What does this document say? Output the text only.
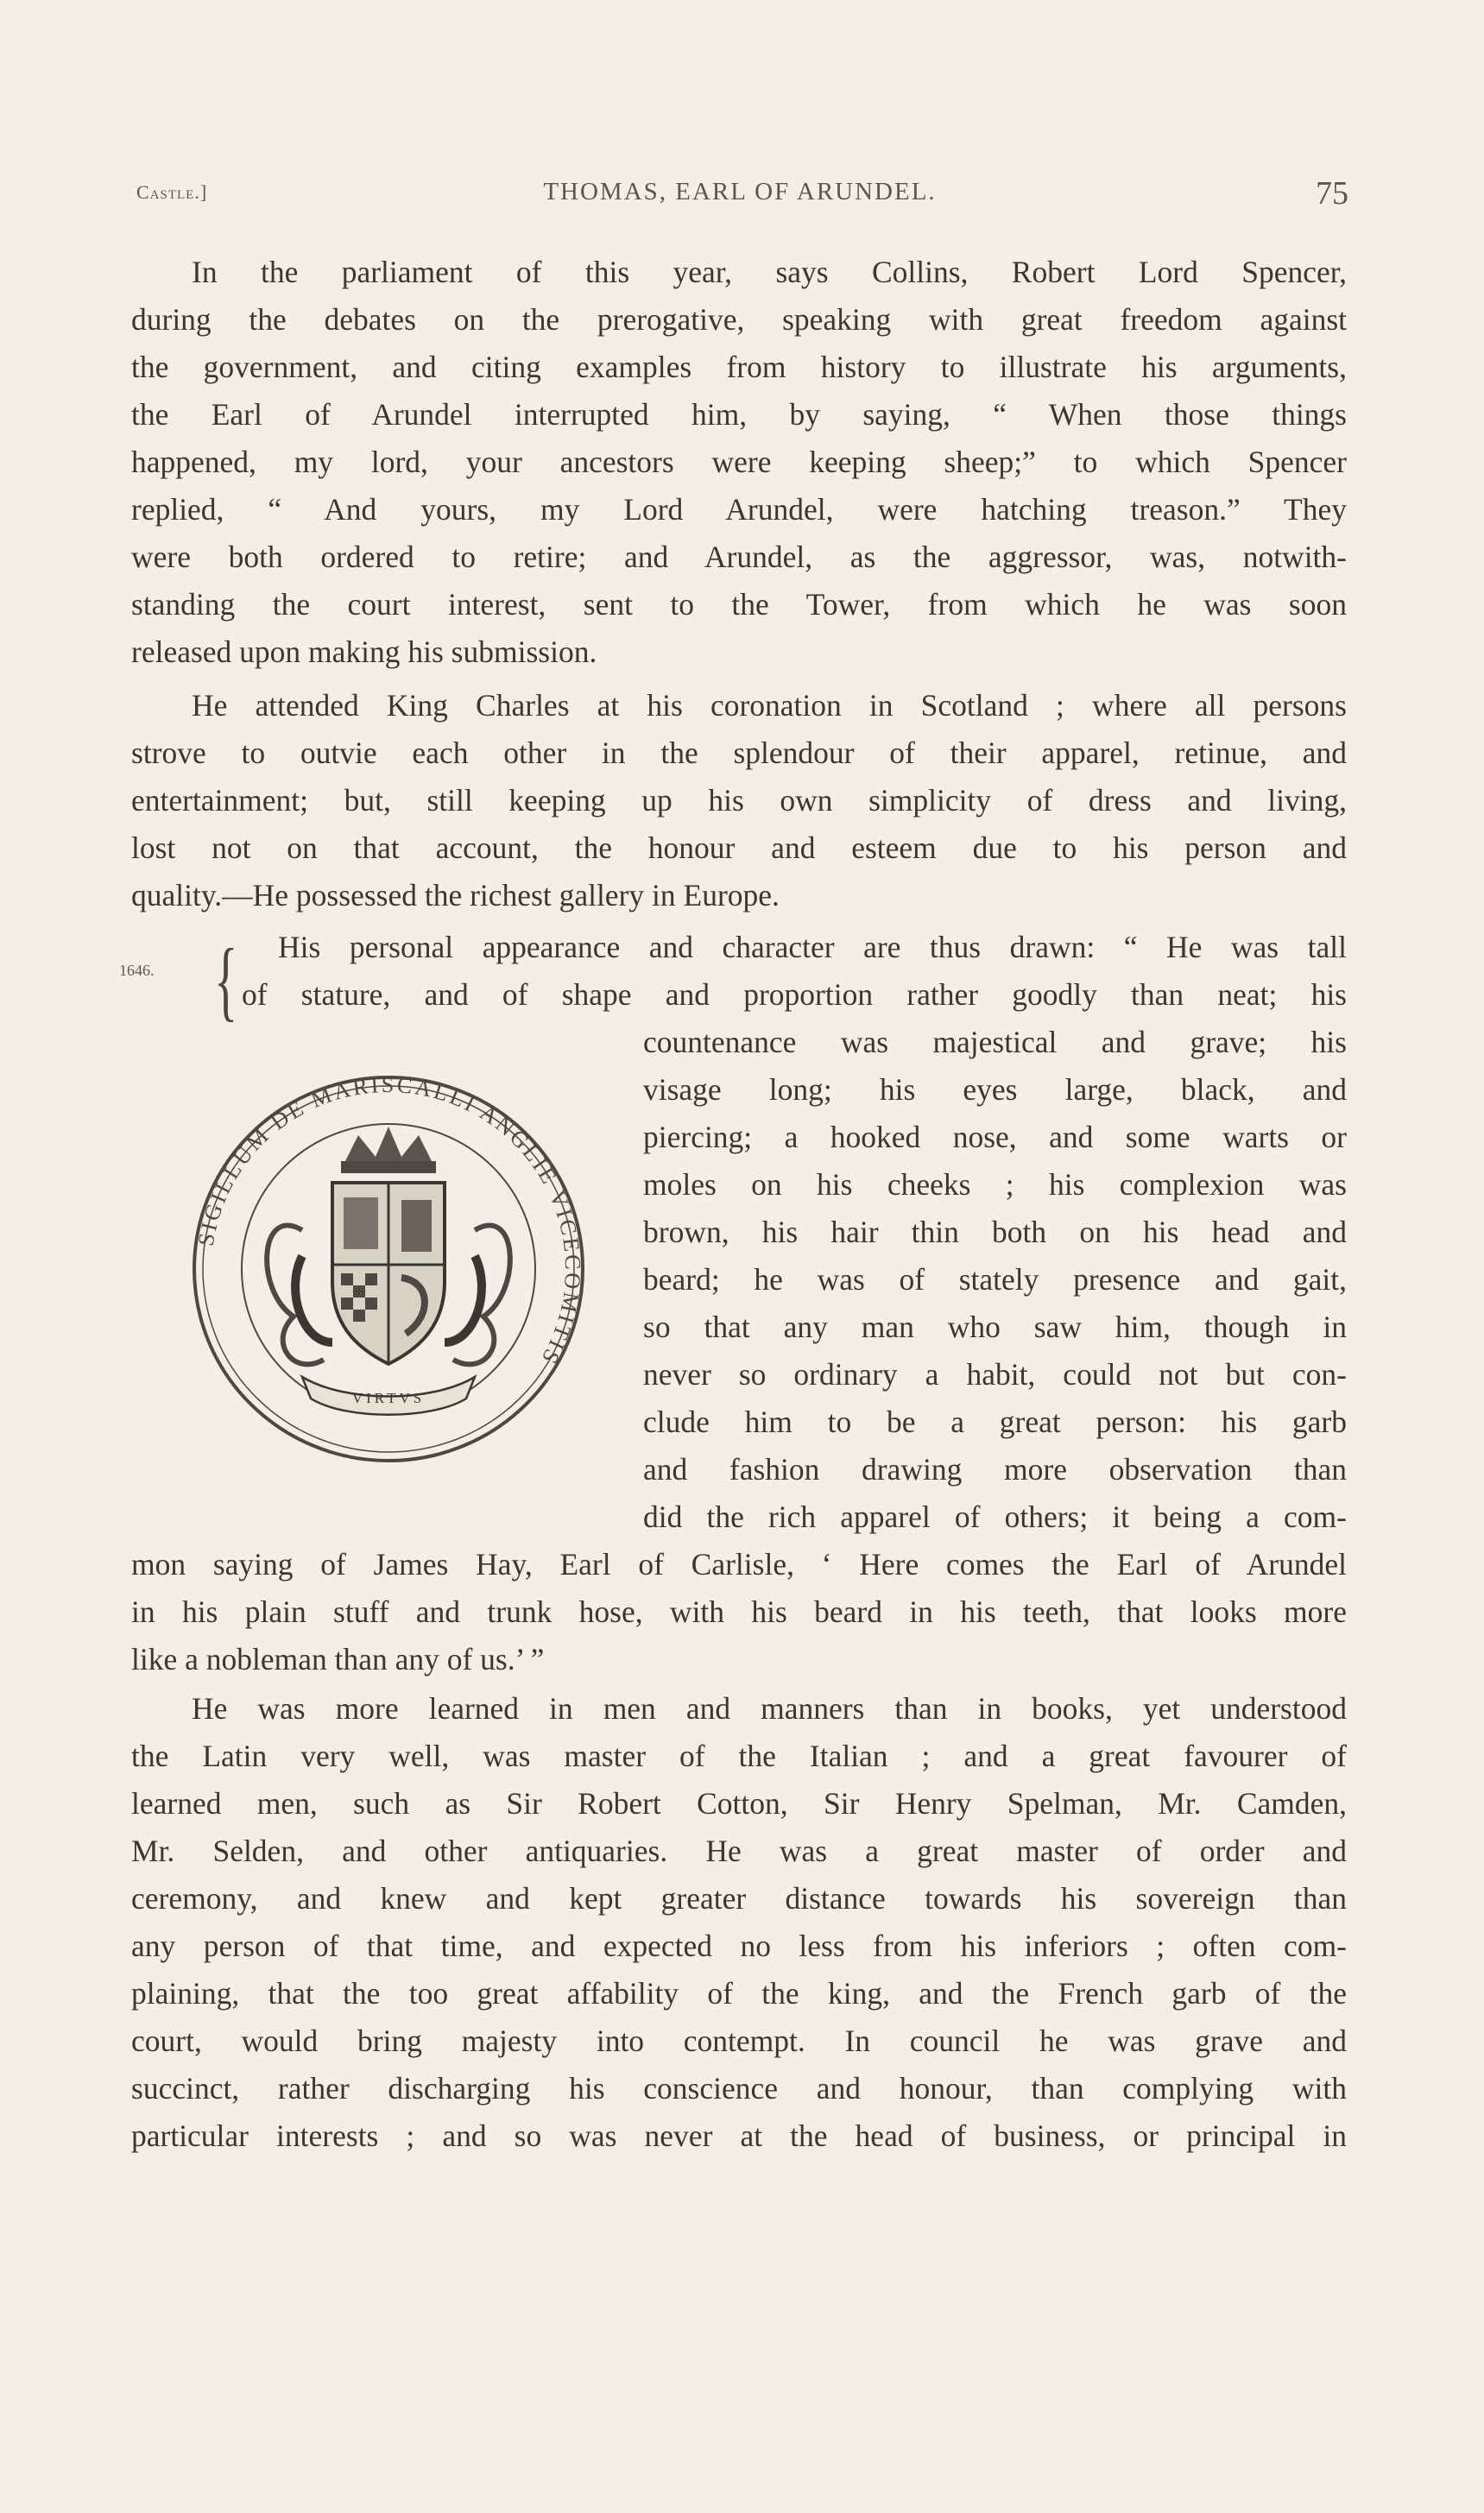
Castle.]	THOMAS, EARL OF ARUNDEL.	75
In the parliament of this year, says Collins, Robert Lord Spencer,
during the debates on the prerogative, speaking with great freedom against
the government, and citing examples from history to illustrate his arguments,
the Earl of Arundel interrupted him, by saying, “ When those things
happened, my lord, your ancestors were keeping sheep;” to which Spencer
replied, “ And yours, my Lord Arundel, were hatching treason.” They
were both ordered to retire; and Arundel, as the aggressor, was, notwith-
standing the court interest, sent to the Tower, from which he was soon
released upon making his submission.
He attended King Charles at his coronation in Scotland ; where all persons
strove to outvie each other in the splendour of their apparel, retinue, and
entertainment; but, still keeping up his own simplicity of dress and living,
lost not on that account, the honour and esteem due to his person and
quality.—He possessed the richest gallery in Europe.
1646. {	His personal appearance and character are thus drawn: “ He was tall
of stature, and of shape and proportion rather goodly than neat; his
SIGILLUM DE MARISCALLI ANGLIE VICECOMITIS
VIRTVS
countenance was majestical and grave; his
visage long; his eyes large, black, and
piercing; a hooked nose, and some warts or
moles on his cheeks ; his complexion was
brown, his hair thin both on his head and
beard; he was of stately presence and gait,
so that any man who saw him, though in
never so ordinary a habit, could not but con-
clude him to be a great person: his garb
and fashion drawing more observation than
did the rich apparel of others; it being a com-
mon saying of James Hay, Earl of Carlisle, ‘ Here comes the Earl of Arundel
in his plain stuff and trunk hose, with his beard in his teeth, that looks more
like a nobleman than any of us.’ ”
He was more learned in men and manners than in books, yet understood
the Latin very well, was master of the Italian ; and a great favourer of
learned men, such as Sir Robert Cotton, Sir Henry Spelman, Mr. Camden,
Mr. Selden, and other antiquaries. He was a great master of order and
ceremony, and knew and kept greater distance towards his sovereign than
any person of that time, and expected no less from his inferiors ; often com-
plaining, that the too great affability of the king, and the French garb of the
court, would bring majesty into contempt. In council he was grave and
succinct, rather discharging his conscience and honour, than complying with
particular interests ; and so was never at the head of business, or principal in
